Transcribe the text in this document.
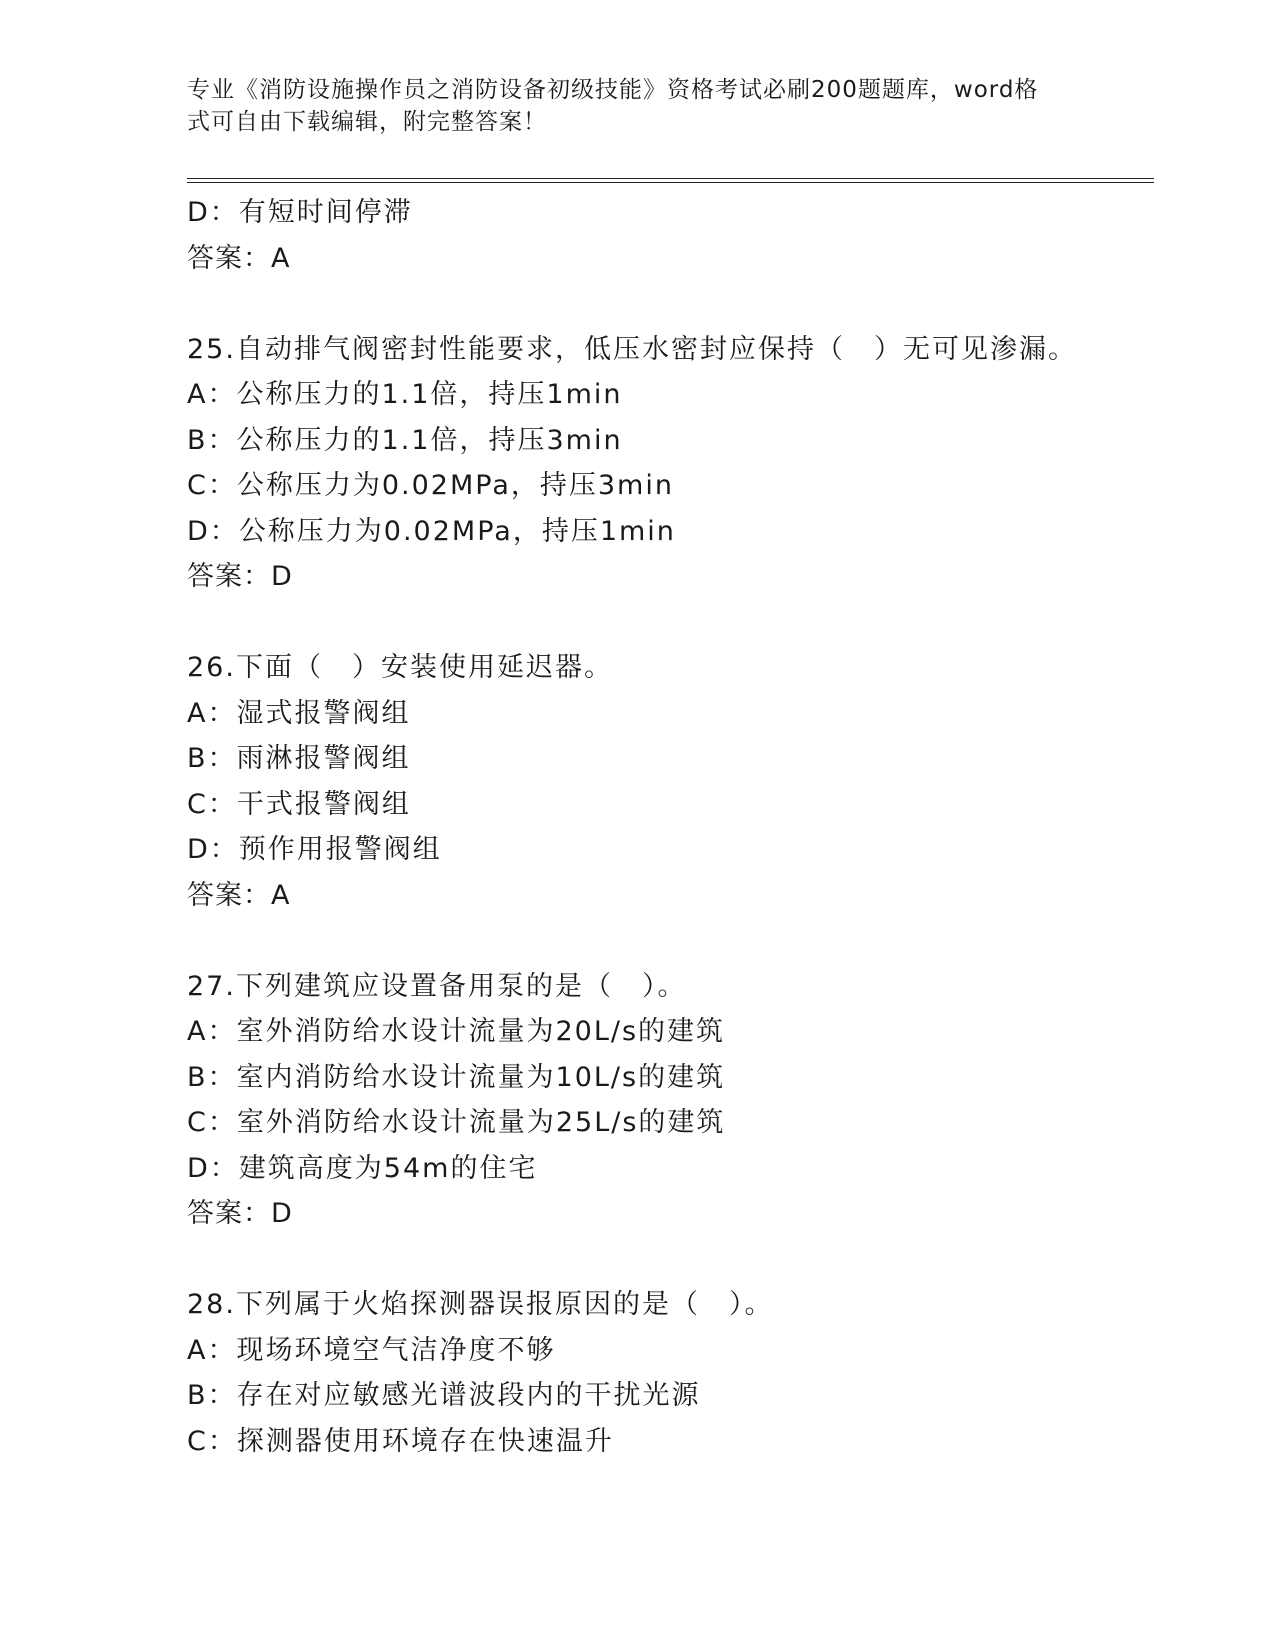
专业《消防设施操作员之消防设备初级技能》资格考试必刷200题题库，word格
式可自由下载编辑，附完整答案！
D：有短时间停滞
答案：A
25.自动排气阀密封性能要求，低压水密封应保持（　）无可见渗漏。
A：公称压力的1.1倍，持压1min
B：公称压力的1.1倍，持压3min
C：公称压力为0.02MPa，持压3min
D：公称压力为0.02MPa，持压1min
答案：D
26.下面（　）安装使用延迟器。
A：湿式报警阀组
B：雨淋报警阀组
C：干式报警阀组
D：预作用报警阀组
答案：A
27.下列建筑应设置备用泵的是（　）。
A：室外消防给水设计流量为20L/s的建筑
B：室内消防给水设计流量为10L/s的建筑
C：室外消防给水设计流量为25L/s的建筑
D：建筑高度为54m的住宅
答案：D
28.下列属于火焰探测器误报原因的是（　）。
A：现场环境空气洁净度不够
B：存在对应敏感光谱波段内的干扰光源
C：探测器使用环境存在快速温升
